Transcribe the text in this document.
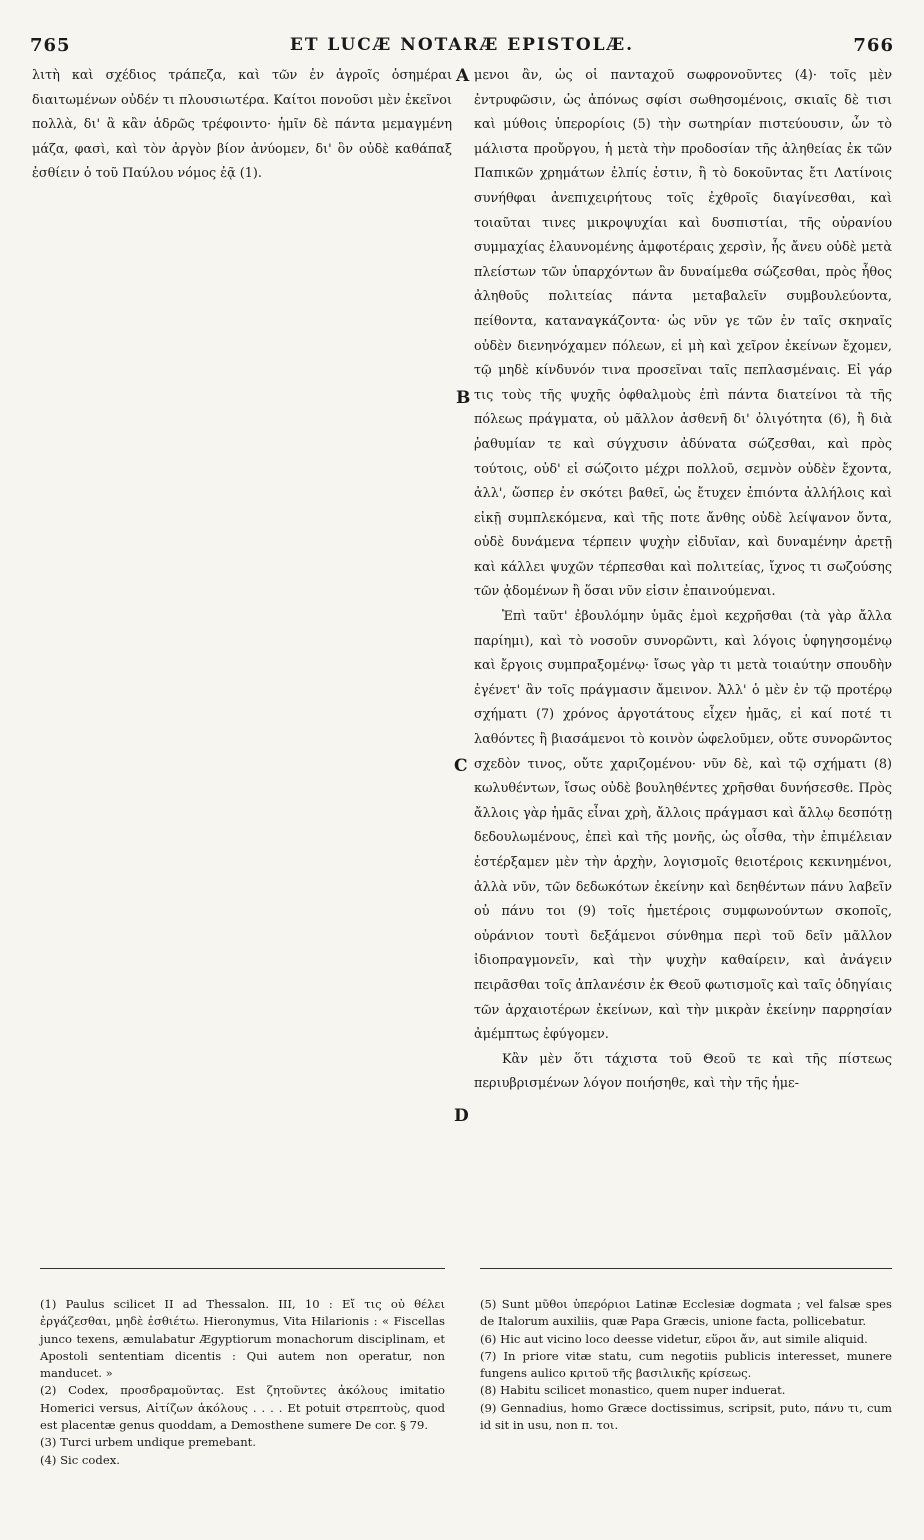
765	ET LUCÆ NOTARÆ EPISTOLÆ.	766

λιτὴ καὶ σχέδιος τράπεζα, καὶ τῶν ἐν ἀγροῖς ὁσημέραι διαιτωμένων οὐδέν τι πλουσιωτέρα. Καίτοι πονοῦσι μὲν ἐκεῖνοι πολλὰ, δι' ἃ κἂν ἁδρῶς τρέφοιντο· ἡμῖν δὲ πάντα μεμαγμένη μάζα, φασὶ, καὶ τὸν ἀργὸν βίον ἀνύομεν, δι' ὃν οὐδὲ καθάπαξ ἐσθίειν ὁ τοῦ Παύλου νόμος ἐᾷ (1).

μενοι ἂν, ὡς οἱ πανταχοῦ σωφρονοῦντες (4)· τοῖς μὲν ἐντρυφῶσιν, ὡς ἀπόνως σφίσι σωθησομένοις, σκιαῖς δὲ τισι καὶ μύθοις ὑπερορίοις (5) τὴν σωτηρίαν πιστεύουσιν, ὧν τὸ μάλιστα προὔργου, ἡ μετὰ τὴν προδοσίαν τῆς ἀληθείας ἐκ τῶν Παπικῶν χρημάτων ἐλπίς ἐστιν, ἢ τὸ δοκοῦντας ἔτι Λατίνοις συνήθφαι ἀνεπιχειρήτους τοῖς ἐχθροῖς διαγίνεσθαι, καὶ τοιαῦται τινες μικροψυχίαι καὶ δυσπιστίαι, τῆς οὐρανίου συμμαχίας ἐλαυνομένης ἀμφοτέραις χερσὶν, ἧς ἄνευ οὐδὲ μετὰ πλείστων τῶν ὑπαρχόντων ἂν δυναίμεθα σώζεσθαι, πρὸς ἦθος ἀληθοῦς πολιτείας πάντα μεταβαλεῖν συμβουλεύοντα, πείθοντα, καταναγκάζοντα· ὡς νῦν γε τῶν ἐν ταῖς σκηναῖς οὐδὲν διενηνόχαμεν πόλεων, εἰ μὴ καὶ χεῖρον ἐκείνων ἔχομεν, τῷ μηδὲ κίνδυνόν τινα προσεῖναι ταῖς πεπλασμέναις. Εἰ γάρ τις τοὺς τῆς ψυχῆς ὀφθαλμοὺς ἐπὶ πάντα διατείνοι τὰ τῆς πόλεως πράγματα, οὐ μᾶλλον ἀσθενῆ δι' ὀλιγότητα (6), ἢ διὰ ῥαθυμίαν τε καὶ σύγχυσιν ἀδύνατα σώζεσθαι, καὶ πρὸς τούτοις, οὐδ' εἰ σώζοιτο μέχρι πολλοῦ, σεμνὸν οὐδὲν ἔχοντα, ἀλλ', ὥσπερ ἐν σκότει βαθεῖ, ὡς ἔτυχεν ἐπιόντα ἀλλήλοις καὶ εἰκῇ συμπλεκόμενα, καὶ τῆς ποτε ἄνθης οὐδὲ λείψανον ὄντα, οὐδὲ δυνάμενα τέρπειν ψυχὴν εἰδυῖαν, καὶ δυναμένην ἀρετῇ καὶ κάλλει ψυχῶν τέρπεσθαι καὶ πολιτείας, ἴχνος τι σωζούσης τῶν ᾀδομένων ἢ ὅσαι νῦν εἰσιν ἐπαινούμεναι.

Ἐπὶ ταῦτ' ἐβουλόμην ὑμᾶς ἐμοὶ κεχρῆσθαι (τὰ γὰρ ἄλλα παρίημι), καὶ τὸ νοσοῦν συνορῶντι, καὶ λόγοις ὑφηγησομένῳ καὶ ἔργοις συμπραξομένῳ· ἴσως γὰρ τι μετὰ τοιαύτην σπουδὴν ἐγένετ' ἂν τοῖς πράγμασιν ἄμεινον. Ἀλλ' ὁ μὲν ἐν τῷ προτέρῳ σχήματι (7) χρόνος ἀργοτάτους εἶχεν ἡμᾶς, εἰ καί ποτέ τι λαθόντες ἢ βιασάμενοι τὸ κοινὸν ὠφελοῦμεν, οὔτε συνορῶντος σχεδὸν τινος, οὔτε χαριζομένου· νῦν δὲ, καὶ τῷ σχήματι (8) κωλυθέντων, ἴσως οὐδὲ βουληθέντες χρῆσθαι δυνήσεσθε. Πρὸς ἄλλοις γὰρ ἡμᾶς εἶναι χρὴ, ἄλλοις πράγμασι καὶ ἄλλῳ δεσπότῃ δεδουλωμένους, ἐπεὶ καὶ τῆς μονῆς, ὡς οἶσθα, τὴν ἐπιμέλειαν ἐστέρξαμεν μὲν τὴν ἀρχὴν, λογισμοῖς θειοτέροις κεκινημένοι, ἀλλὰ νῦν, τῶν δεδωκότων ἐκείνην καὶ δεηθέντων πάνυ λαβεῖν οὐ πάνυ τοι (9) τοῖς ἡμετέροις συμφωνούντων σκοποῖς, οὐράνιον τουτὶ δεξάμενοι σύνθημα περὶ τοῦ δεῖν μᾶλλον ἰδιοπραγμονεῖν, καὶ τὴν ψυχὴν καθαίρειν, καὶ ἀνάγειν πειρᾶσθαι τοῖς ἀπλανέσιν ἐκ Θεοῦ φωτισμοῖς καὶ ταῖς ὁδηγίαις τῶν ἀρχαιοτέρων ἐκείνων, καὶ τὴν μικρὰν ἐκείνην παρρησίαν ἀμέμπτως ἐφύγομεν.

Κἂν μὲν ὅτι τάχιστα τοῦ Θεοῦ τε καὶ τῆς πίστεως περιυβρισμένων λόγον ποιήσηθε, καὶ τὴν τῆς ἡμε-

A
B
C
D

(1) Paulus scilicet II ad Thessalon. III, 10 : Εἴ τις οὐ θέλει ἐργάζεσθαι, μηδὲ ἐσθιέτω. Hieronymus, Vita Hilarionis : « Fiscellas junco texens, æmulabatur Ægyptiorum monachorum disciplinam, et Apostoli sententiam dicentis : Qui autem non operatur, non manducet. »

(2) Codex, προσδραμοῦντας. Est ζητοῦντες ἀκόλους imitatio Homerici versus, Αἰτίζων ἀκόλους . . . . Et potuit στρεπτοὺς, quod est placentæ genus quoddam, a Demosthene sumere De cor. § 79.

(3) Turci urbem undique premebant.

(4) Sic codex.

(5) Sunt μῦθοι ὑπερόριοι Latinæ Ecclesiæ dogmata ; vel falsæ spes de Italorum auxiliis, quæ Papa Græcis, unione facta, pollicebatur.

(6) Hic aut vicino loco deesse videtur, εὕροι ἄν, aut simile aliquid.

(7) In priore vitæ statu, cum negotiis publicis interesset, munere fungens aulico κριτοῦ τῆς βασιλικῆς κρίσεως.

(8) Habitu scilicet monastico, quem nuper induerat.

(9) Gennadius, homo Græce doctissimus, scripsit, puto, πάνυ τι, cum id sit in usu, non π. τοι.
